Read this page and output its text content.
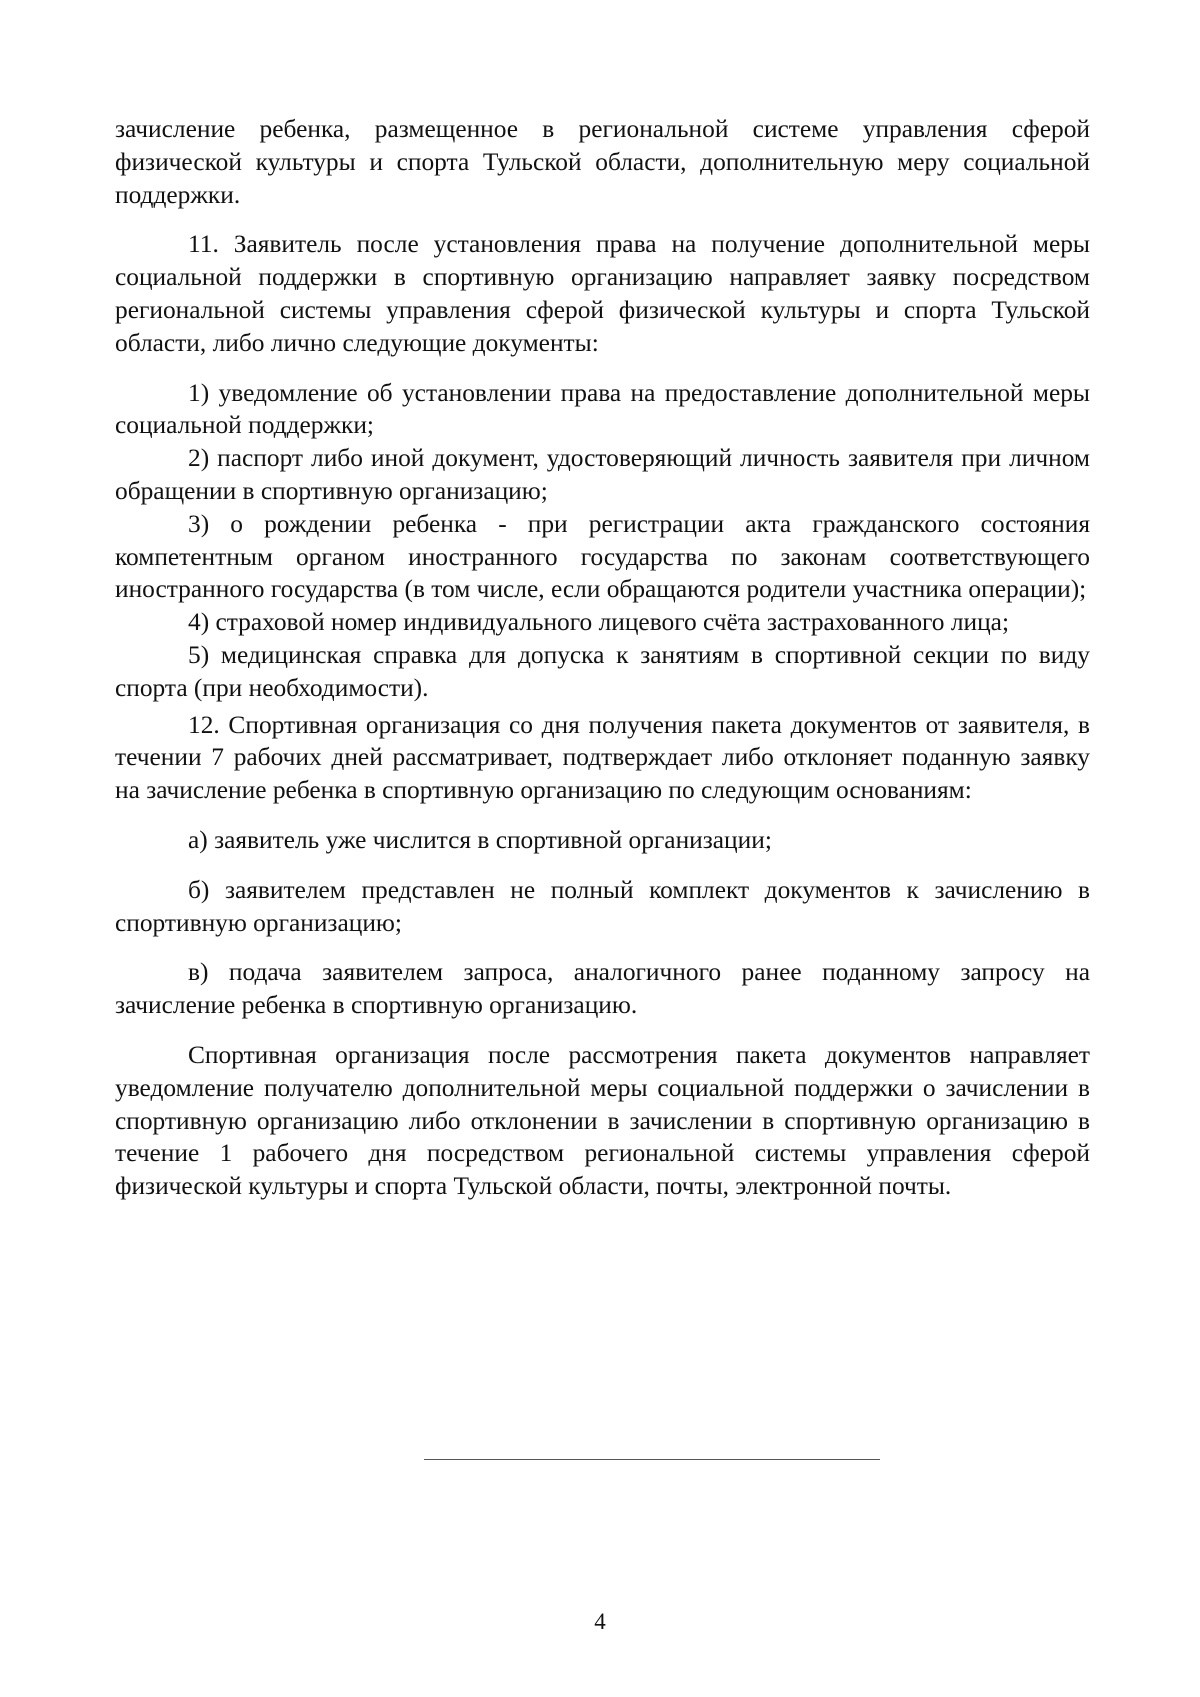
зачисление ребенка, размещенное в региональной системе управления сферой физической культуры и спорта Тульской области, дополнительную меру социальной поддержки.

11. Заявитель после установления права на получение дополнительной меры социальной поддержки в спортивную организацию направляет заявку посредством региональной системы управления сферой физической культуры и спорта Тульской области, либо лично следующие документы:

1) уведомление об установлении права на предоставление дополнительной меры социальной поддержки;

2) паспорт либо иной документ, удостоверяющий личность заявителя при личном обращении в спортивную организацию;

3) о рождении ребенка - при регистрации акта гражданского состояния компетентным органом иностранного государства по законам соответствующего иностранного государства (в том числе, если обращаются родители участника операции);

4) страховой номер индивидуального лицевого счёта застрахованного лица;

5) медицинская справка для допуска к занятиям в спортивной секции по виду спорта (при необходимости).

12. Спортивная организация со дня получения пакета документов от заявителя, в течении 7 рабочих дней рассматривает, подтверждает либо отклоняет поданную заявку на зачисление ребенка в спортивную организацию по следующим основаниям:

а) заявитель уже числится в спортивной организации;

б) заявителем представлен не полный комплект документов к зачислению в спортивную организацию;

в) подача заявителем запроса, аналогичного ранее поданному запросу на зачисление ребенка в спортивную организацию.

Спортивная организация после рассмотрения пакета документов направляет уведомление получателю дополнительной меры социальной поддержки о зачислении в спортивную организацию либо отклонении в зачислении в спортивную организацию в течение 1 рабочего дня посредством региональной системы управления сферой физической культуры и спорта Тульской области, почты, электронной почты.

4
